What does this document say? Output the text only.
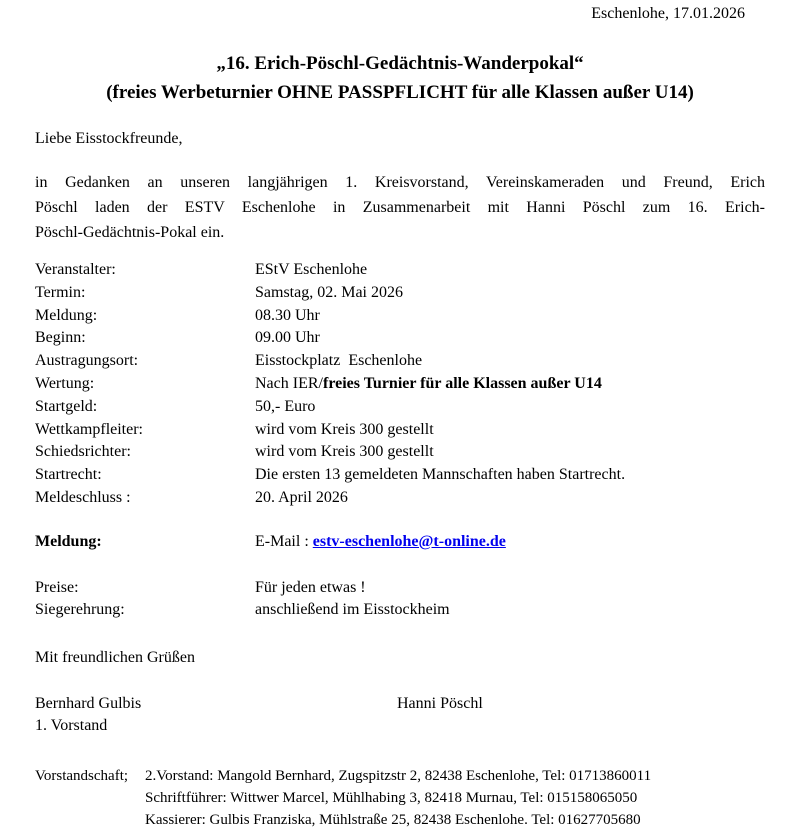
Eschenlohe, 17.01.2026
„16. Erich-Pöschl-Gedächtnis-Wanderpokal“
(freies Werbeturnier OHNE PASSPFLICHT für alle Klassen außer U14)
Liebe Eisstockfreunde,
in Gedanken an unseren langjährigen 1. Kreisvorstand, Vereinskameraden und Freund, Erich
Pöschl laden der ESTV Eschenlohe in Zusammenarbeit mit Hanni Pöschl zum 16. Erich-
Pöschl-Gedächtnis-Pokal ein.
Veranstalter:	EStV Eschenlohe
Termin:	Samstag, 02. Mai 2026
Meldung:	08.30 Uhr
Beginn:	09.00 Uhr
Austragungsort:	Eisstockplatz  Eschenlohe
Wertung:	Nach IER/freies Turnier für alle Klassen außer U14
Startgeld:	50,- Euro
Wettkampfleiter:	wird vom Kreis 300 gestellt
Schiedsrichter:	wird vom Kreis 300 gestellt
Startrecht:	Die ersten 13 gemeldeten Mannschaften haben Startrecht.
Meldeschluss :	20. April 2026
Meldung:	E-Mail : estv-eschenlohe@t-online.de
Preise:	Für jeden etwas !
Siegerehrung:	anschließend im Eisstockheim
Mit freundlichen Grüßen
Bernhard Gulbis	Hanni Pöschl
1. Vorstand
Vorstandschaft;	2.Vorstand: Mangold Bernhard, Zugspitzstr 2, 82438 Eschenlohe, Tel: 01713860011
Schriftführer: Wittwer Marcel, Mühlhabing 3, 82418 Murnau, Tel: 015158065050
Kassierer: Gulbis Franziska, Mühlstraße 25, 82438 Eschenlohe. Tel: 01627705680
